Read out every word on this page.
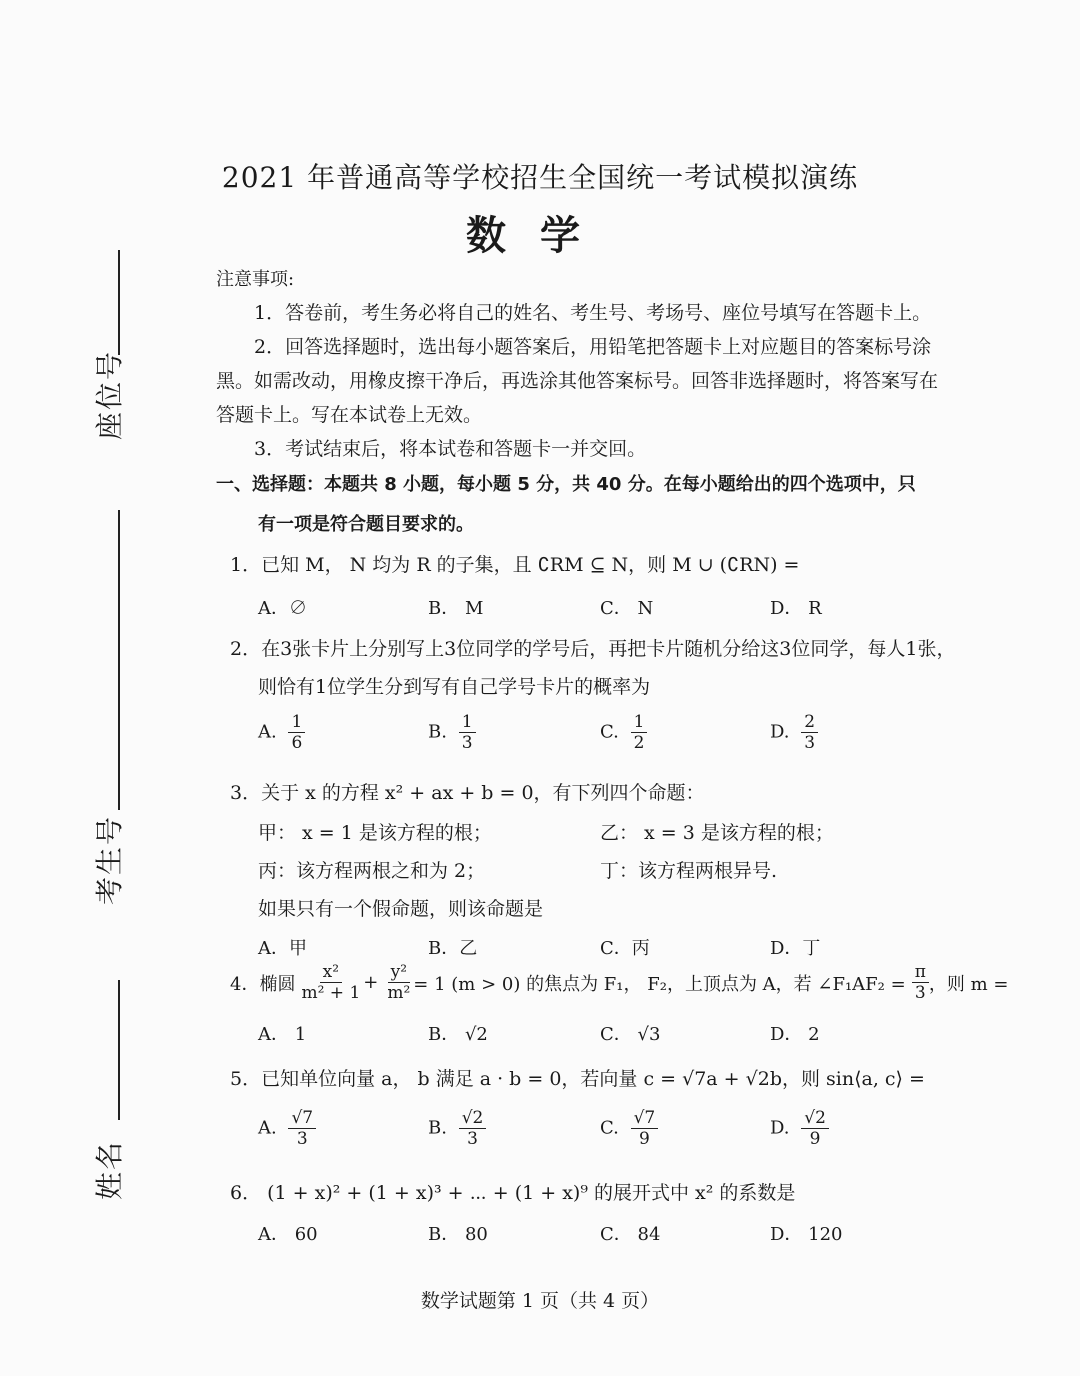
座位号
考生号
姓名
2021 年普通高等学校招生全国统一考试模拟演练
数学
注意事项:
1．答卷前，考生务必将自己的姓名、考生号、考场号、座位号填写在答题卡上。
2．回答选择题时，选出每小题答案后，用铅笔把答题卡上对应题目的答案标号涂
黑。如需改动，用橡皮擦干净后，再选涂其他答案标号。回答非选择题时，将答案写在
答题卡上。写在本试卷上无效。
3．考试结束后，将本试卷和答题卡一并交回。
一、选择题：本题共 8 小题，每小题 5 分，共 40 分。在每小题给出的四个选项中，只
有一项是符合题目要求的。
1．已知 M， N 均为 R 的子集，且 ∁RM ⊆ N，则 M ∪ (∁RN) =
A．∅	B． M	C． N	D． R
2．在3张卡片上分别写上3位同学的学号后，再把卡片随机分给这3位同学，每人1张，
则恰有1位学生分到写有自己学号卡片的概率为
A. $\frac{1}{6}$	B. $\frac{1}{3}$	C. $\frac{1}{2}$	D. $\frac{2}{3}$
3．关于 x 的方程 x² + ax + b = 0，有下列四个命题：
甲： x = 1 是该方程的根；	乙： x = 3 是该方程的根；
丙：该方程两根之和为 2；	丁：该方程两根异号.
如果只有一个假命题，则该命题是
A．甲	B．乙	C．丙	D．丁
4．椭圆 $\frac{\text{x²}}{\text{m² + 1}} + \frac{\text{y²}}{\text{m²}} = 1$ (m > 0) 的焦点为 F₁， F₂，上顶点为 A，若 ∠F₁AF₂ = $\frac{\pi}{3}$ ，则 m =
A． 1	B． √2	C． √3	D． 2
5．已知单位向量 a， b 满足 a · b = 0，若向量 c = √7a + √2b，则 sin⟨a, c⟩ =
A. $\frac{√7}{3}$	B. $\frac{√2}{3}$	C. $\frac{√7}{9}$	D. $\frac{√2}{9}$
6． (1 + x)² + (1 + x)³ + ⋯ + (1 + x)⁹ 的展开式中 x² 的系数是
A． 60	B． 80	C． 84	D． 120
数学试题第 1 页（共 4 页）
